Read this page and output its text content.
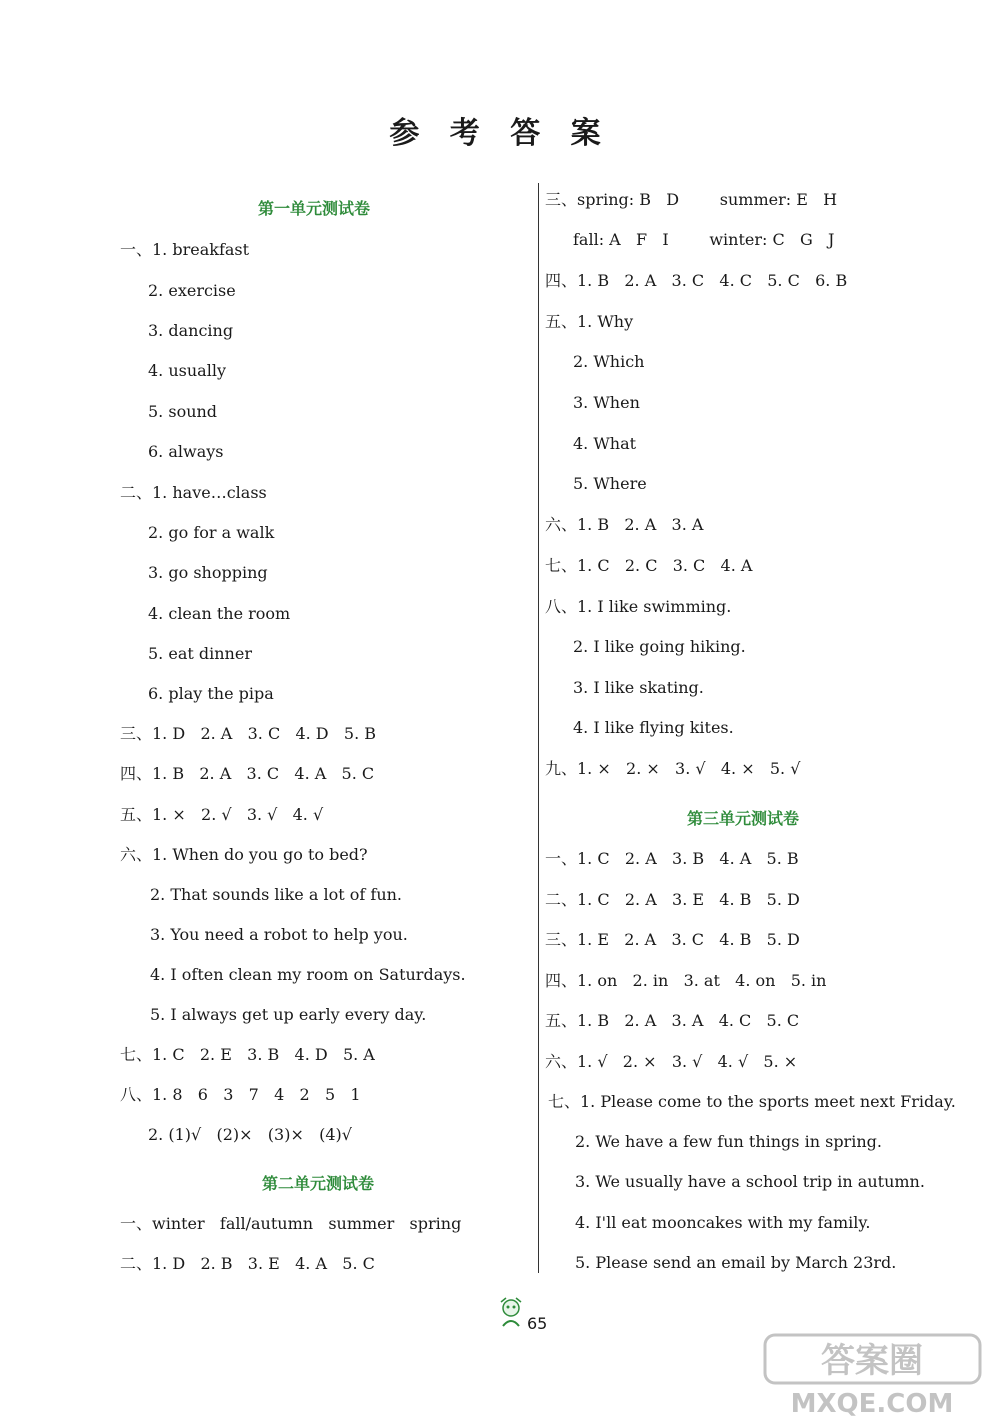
参 考 答 案
第一单元测试卷
一、1. breakfast
2. exercise
3. dancing
4. usually
5. sound
6. always
二、1. have…class
2. go for a walk
3. go shopping
4. clean the room
5. eat dinner
6. play the pipa
三、1. D   2. A   3. C   4. D   5. B
四、1. B   2. A   3. C   4. A   5. C
五、1. ×   2. √   3. √   4. √
六、1. When do you go to bed?
2. That sounds like a lot of fun.
3. You need a robot to help you.
4. I often clean my room on Saturdays.
5. I always get up early every day.
七、1. C   2. E   3. B   4. D   5. A
八、1. 8   6   3   7   4   2   5   1
2. (1)√   (2)×   (3)×   (4)√
第二单元测试卷
一、winter   fall/autumn   summer   spring
二、1. D   2. B   3. E   4. A   5. C
三、spring: B   D        summer: E   H
fall: A   F   I        winter: C   G   J
四、1. B   2. A   3. C   4. C   5. C   6. B
五、1. Why
2. Which
3. When
4. What
5. Where
六、1. B   2. A   3. A
七、1. C   2. C   3. C   4. A
八、1. I like swimming.
2. I like going hiking.
3. I like skating.
4. I like flying kites.
九、1. ×   2. ×   3. √   4. ×   5. √
第三单元测试卷
一、1. C   2. A   3. B   4. A   5. B
二、1. C   2. A   3. E   4. B   5. D
三、1. E   2. A   3. C   4. B   5. D
四、1. on   2. in   3. at   4. on   5. in
五、1. B   2. A   3. A   4. C   5. C
六、1. √   2. ×   3. √   4. √   5. ×
七、1. Please come to the sports meet next Friday.
2. We have a few fun things in spring.
3. We usually have a school trip in autumn.
4. I'll eat mooncakes with my family.
5. Please send an email by March 23rd.
65
答案圈
MXQE.COM
